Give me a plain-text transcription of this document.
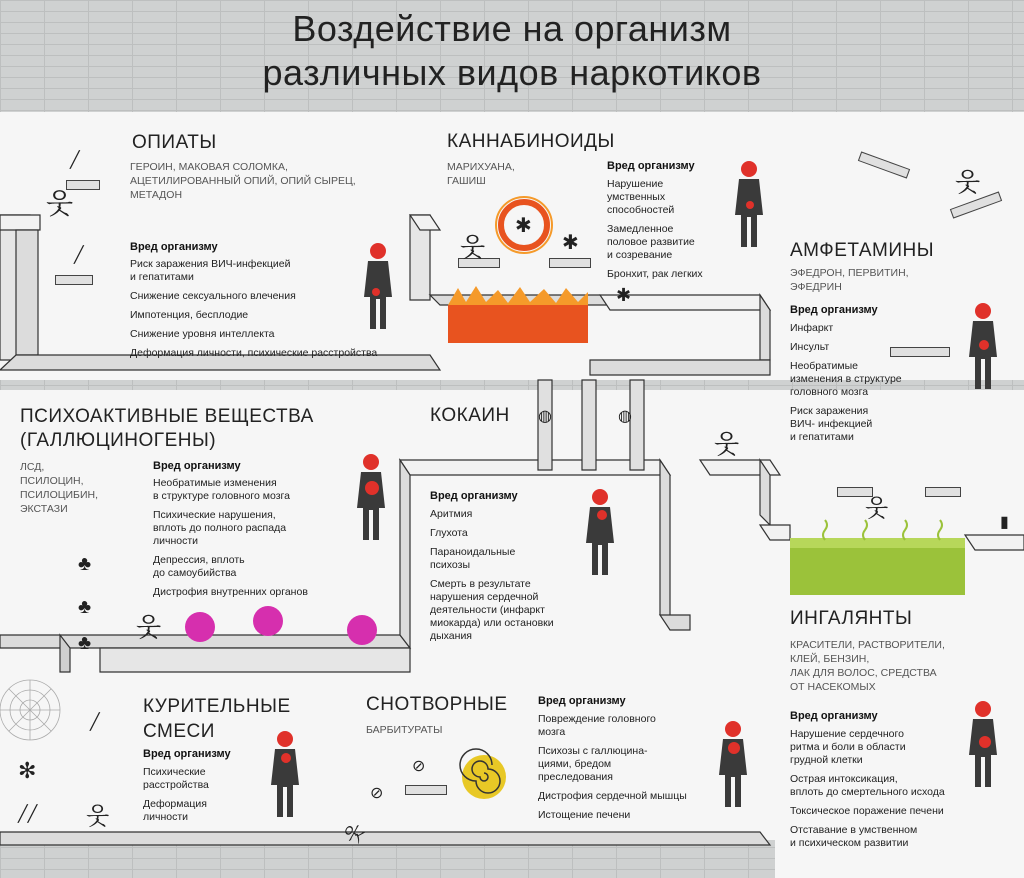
Воздействие на организм
различных видов наркотиков
╱
╱
웃
웃
웃
웃
웃
웃
웃
웃
✱
✱
✱
◍	◍
⊘
⊘
♣
♣
♣
✻
╱
╱╱
▮
ОПИАТЫ
ГЕРОИН, МАКОВАЯ СОЛОМКА,
АЦЕТИЛИРОВАННЫЙ ОПИЙ, ОПИЙ СЫРЕЦ,
МЕТАДОН
Вред организму
Риск заражения ВИЧ-инфекцией
и гепатитами
Снижение сексуального влечения
Импотенция, бесплодие
Снижение уровня интеллекта
Деформация личности, психические расстройства
КАННАБИНОИДЫ
МАРИХУАНА,
ГАШИШ
Вред организму
Нарушение
умственных
способностей
Замедленное
половое развитие
и созревание
Бронхит, рак легких
АМФЕТАМИНЫ
ЭФЕДРОН, ПЕРВИТИН,
ЭФЕДРИН
Вред организму
Инфаркт
Инсульт
Необратимые
изменения в структуре
головного мозга
Риск заражения
ВИЧ- инфекцией
и гепатитами
ПСИХОАКТИВНЫЕ ВЕЩЕСТВА
(ГАЛЛЮЦИНОГЕНЫ)
ЛСД,
ПСИЛОЦИН,
ПСИЛОЦИБИН,
ЭКСТАЗИ
Вред организму
Необратимые изменения
в структуре головного мозга
Психические нарушения,
вплоть до полного распада
личности
Депрессия, вплоть
до самоубийства
Дистрофия внутренних органов
КОКАИН
Вред организму
Аритмия
Глухота
Параноидальные
психозы
Смерть в результате
нарушения сердечной
деятельности (инфаркт
миокарда) или остановки
дыхания
ИНГАЛЯНТЫ
КРАСИТЕЛИ, РАСТВОРИТЕЛИ,
КЛЕЙ, БЕНЗИН,
ЛАК ДЛЯ ВОЛОС, СРЕДСТВА
ОТ НАСЕКОМЫХ
Вред организму
Нарушение сердечного
ритма и боли в области
грудной клетки
Острая интоксикация,
вплоть до смертельного исхода
Токсическое поражение печени
Отставание в умственном
и психическом развитии
КУРИТЕЛЬНЫЕ
СМЕСИ
Вред организму
Психические
расстройства
Деформация
личности
СНОТВОРНЫЕ
БАРБИТУРАТЫ
Вред организму
Повреждение головного
мозга
Психозы с галлюцина-
циями, бредом
преследования
Дистрофия сердечной мышцы
Истощение печени
